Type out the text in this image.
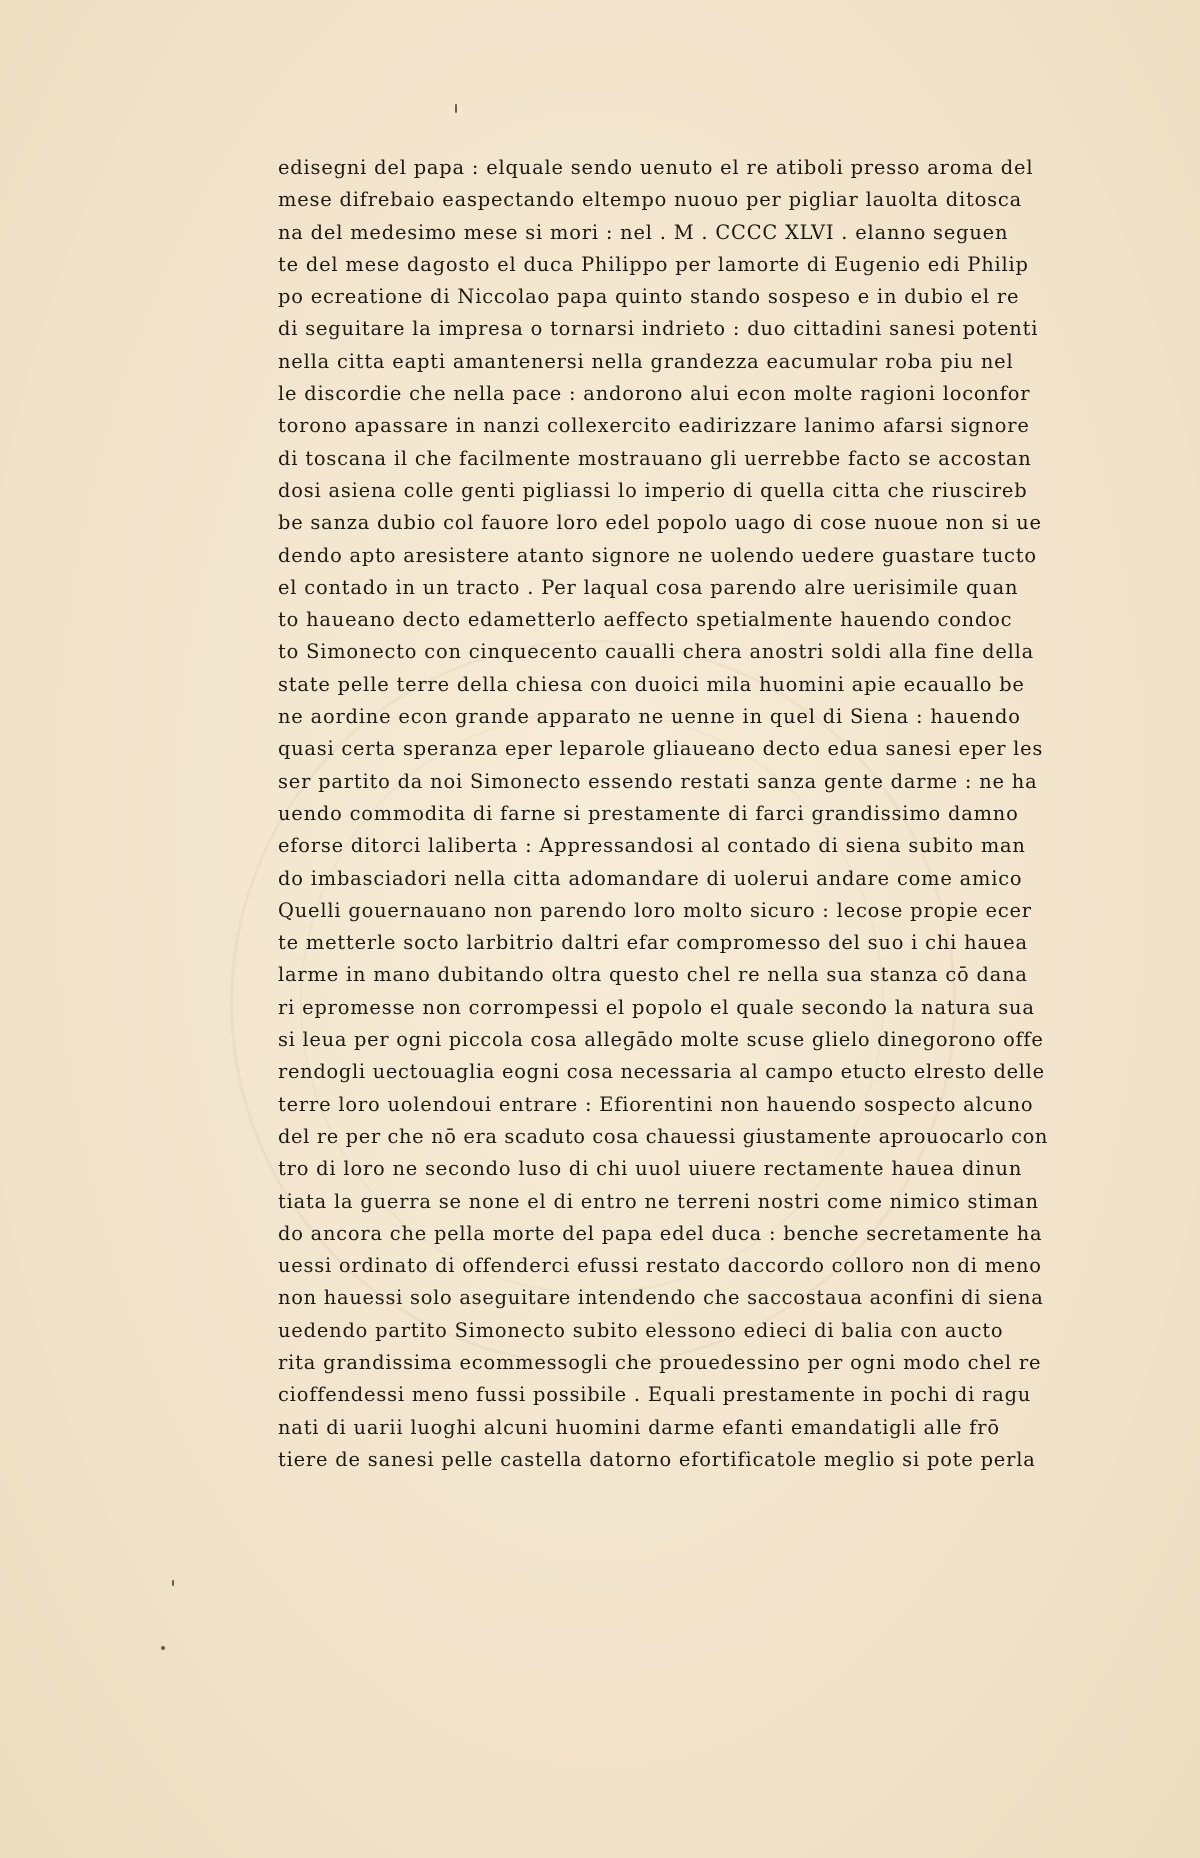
edisegni del papa : elquale sendo uenuto el re atiboli presso aroma del
mese difrebaio easpectando eltempo nuouo per pigliar lauolta ditosca
na del medesimo mese si mori : nel . M . CCCC XLVI . elanno seguen
te del mese dagosto el duca Philippo per lamorte di Eugenio edi Philip
po ecreatione di Niccolao papa quinto stando sospeso e in dubio el re
di seguitare la impresa o tornarsi indrieto : duo cittadini sanesi potenti
nella citta eapti amantenersi nella grandezza eacumular roba piu nel
le discordie che nella pace : andorono alui econ molte ragioni loconfor
torono apassare in nanzi collexercito eadirizzare lanimo afarsi signore
di toscana il che facilmente mostrauano gli uerrebbe facto se accostan
dosi asiena colle genti pigliassi lo imperio di quella citta che riuscireb
be sanza dubio col fauore loro edel popolo uago di cose nuoue non si ue
dendo apto aresistere atanto signore ne uolendo uedere guastare tucto
el contado in un tracto . Per laqual cosa parendo alre uerisimile quan
to haueano decto edametterlo aeffecto spetialmente hauendo condoc
to Simonecto con cinquecento caualli chera anostri soldi alla fine della
state pelle terre della chiesa con duoici mila huomini apie ecauallo be
ne aordine econ grande apparato ne uenne in quel di Siena : hauendo
quasi certa speranza eper leparole gliaueano decto edua sanesi eper les
ser partito da noi Simonecto essendo restati sanza gente darme : ne ha
uendo commodita di farne si prestamente di farci grandissimo damno
eforse ditorci laliberta : Appressandosi al contado di siena subito man
do imbasciadori nella citta adomandare di uolerui andare come amico
Quelli gouernauano non parendo loro molto sicuro : lecose propie ecer
te metterle socto larbitrio daltri efar compromesso del suo i chi hauea
larme in mano dubitando oltra questo chel re nella sua stanza cō dana
ri epromesse non corrompessi el popolo el quale secondo la natura sua
si leua per ogni piccola cosa allegādo molte scuse glielo dinegorono offe
rendogli uectouaglia eogni cosa necessaria al campo etucto elresto delle
terre loro uolendoui entrare : Efiorentini non hauendo sospecto alcuno
del re per che nō era scaduto cosa chauessi giustamente aprouocarlo con
tro di loro ne secondo luso di chi uuol uiuere rectamente hauea dinun
tiata la guerra se none el di entro ne terreni nostri come nimico stiman
do ancora che pella morte del papa edel duca : benche secretamente ha
uessi ordinato di offenderci efussi restato daccordo colloro non di meno
non hauessi solo aseguitare intendendo che saccostaua aconfini di siena
uedendo partito Simonecto subito elessono edieci di balia con aucto
rita grandissima ecommessogli che prouedessino per ogni modo chel re
cioffendessi meno fussi possibile . Equali prestamente in pochi di ragu
nati di uarii luoghi alcuni huomini darme efanti emandatigli alle frō
tiere de sanesi pelle castella datorno efortificatole meglio si pote perla
